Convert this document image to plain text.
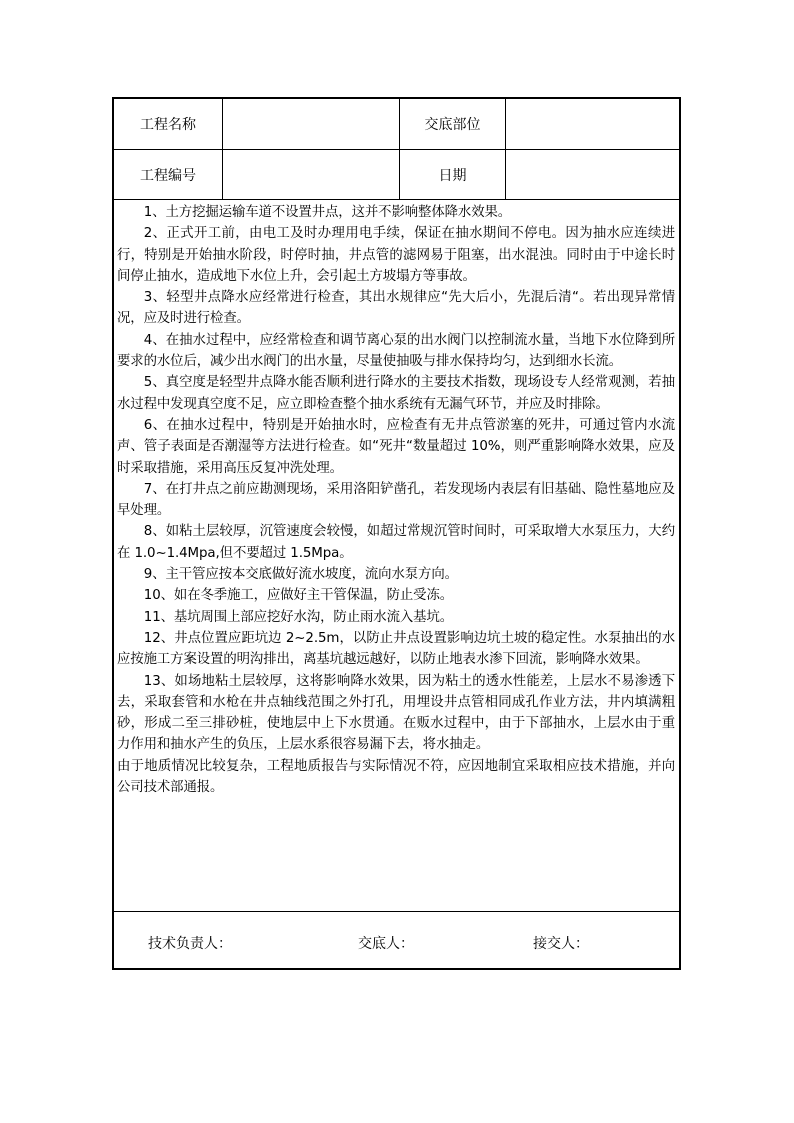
工程名称	交底部位
工程编号	日期

1、土方挖掘运输车道不设置井点，这并不影响整体降水效果。

2、正式开工前，由电工及时办理用电手续，保证在抽水期间不停电。因为抽水应连续进行，特别是开始抽水阶段，时停时抽，井点管的滤网易于阻塞，出水混浊。同时由于中途长时间停止抽水，造成地下水位上升，会引起土方坡塌方等事故。

3、轻型井点降水应经常进行检查，其出水规律应“先大后小，先混后清“。若出现异常情况，应及时进行检查。

4、在抽水过程中，应经常检查和调节离心泵的出水阀门以控制流水量，当地下水位降到所要求的水位后，减少出水阀门的出水量，尽量使抽吸与排水保持均匀，达到细水长流。

5、真空度是轻型井点降水能否顺利进行降水的主要技术指数，现场设专人经常观测，若抽水过程中发现真空度不足，应立即检查整个抽水系统有无漏气环节，并应及时排除。

6、在抽水过程中，特别是开始抽水时，应检查有无井点管淤塞的死井，可通过管内水流声、管子表面是否潮湿等方法进行检查。如“死井“数量超过 10%，则严重影响降水效果，应及时采取措施，采用高压反复冲洗处理。

7、在打井点之前应勘测现场，采用洛阳铲凿孔，若发现场内表层有旧基础、隐性墓地应及早处理。

8、如粘土层较厚，沉管速度会较慢，如超过常规沉管时间时，可采取增大水泵压力，大约在 1.0~1.4Mpa,但不要超过 1.5Mpa。

9、主干管应按本交底做好流水坡度，流向水泵方向。

10、如在冬季施工，应做好主干管保温，防止受冻。

11、基坑周围上部应挖好水沟，防止雨水流入基坑。

12、井点位置应距坑边 2~2.5m，以防止井点设置影响边坑土坡的稳定性。水泵抽出的水应按施工方案设置的明沟排出，离基坑越远越好，以防止地表水渗下回流，影响降水效果。

13、如场地粘土层较厚，这将影响降水效果，因为粘土的透水性能差，上层水不易渗透下去，采取套管和水枪在井点轴线范围之外打孔，用埋设井点管相同成孔作业方法，井内填满粗砂，形成二至三排砂桩，使地层中上下水贯通。在贩水过程中，由于下部抽水，上层水由于重力作用和抽水产生的负压，上层水系很容易漏下去，将水抽走。

由于地质情况比较复杂，工程地质报告与实际情况不符，应因地制宜采取相应技术措施，并向公司技术部通报。

技术负责人：	交底人：	接交人：
